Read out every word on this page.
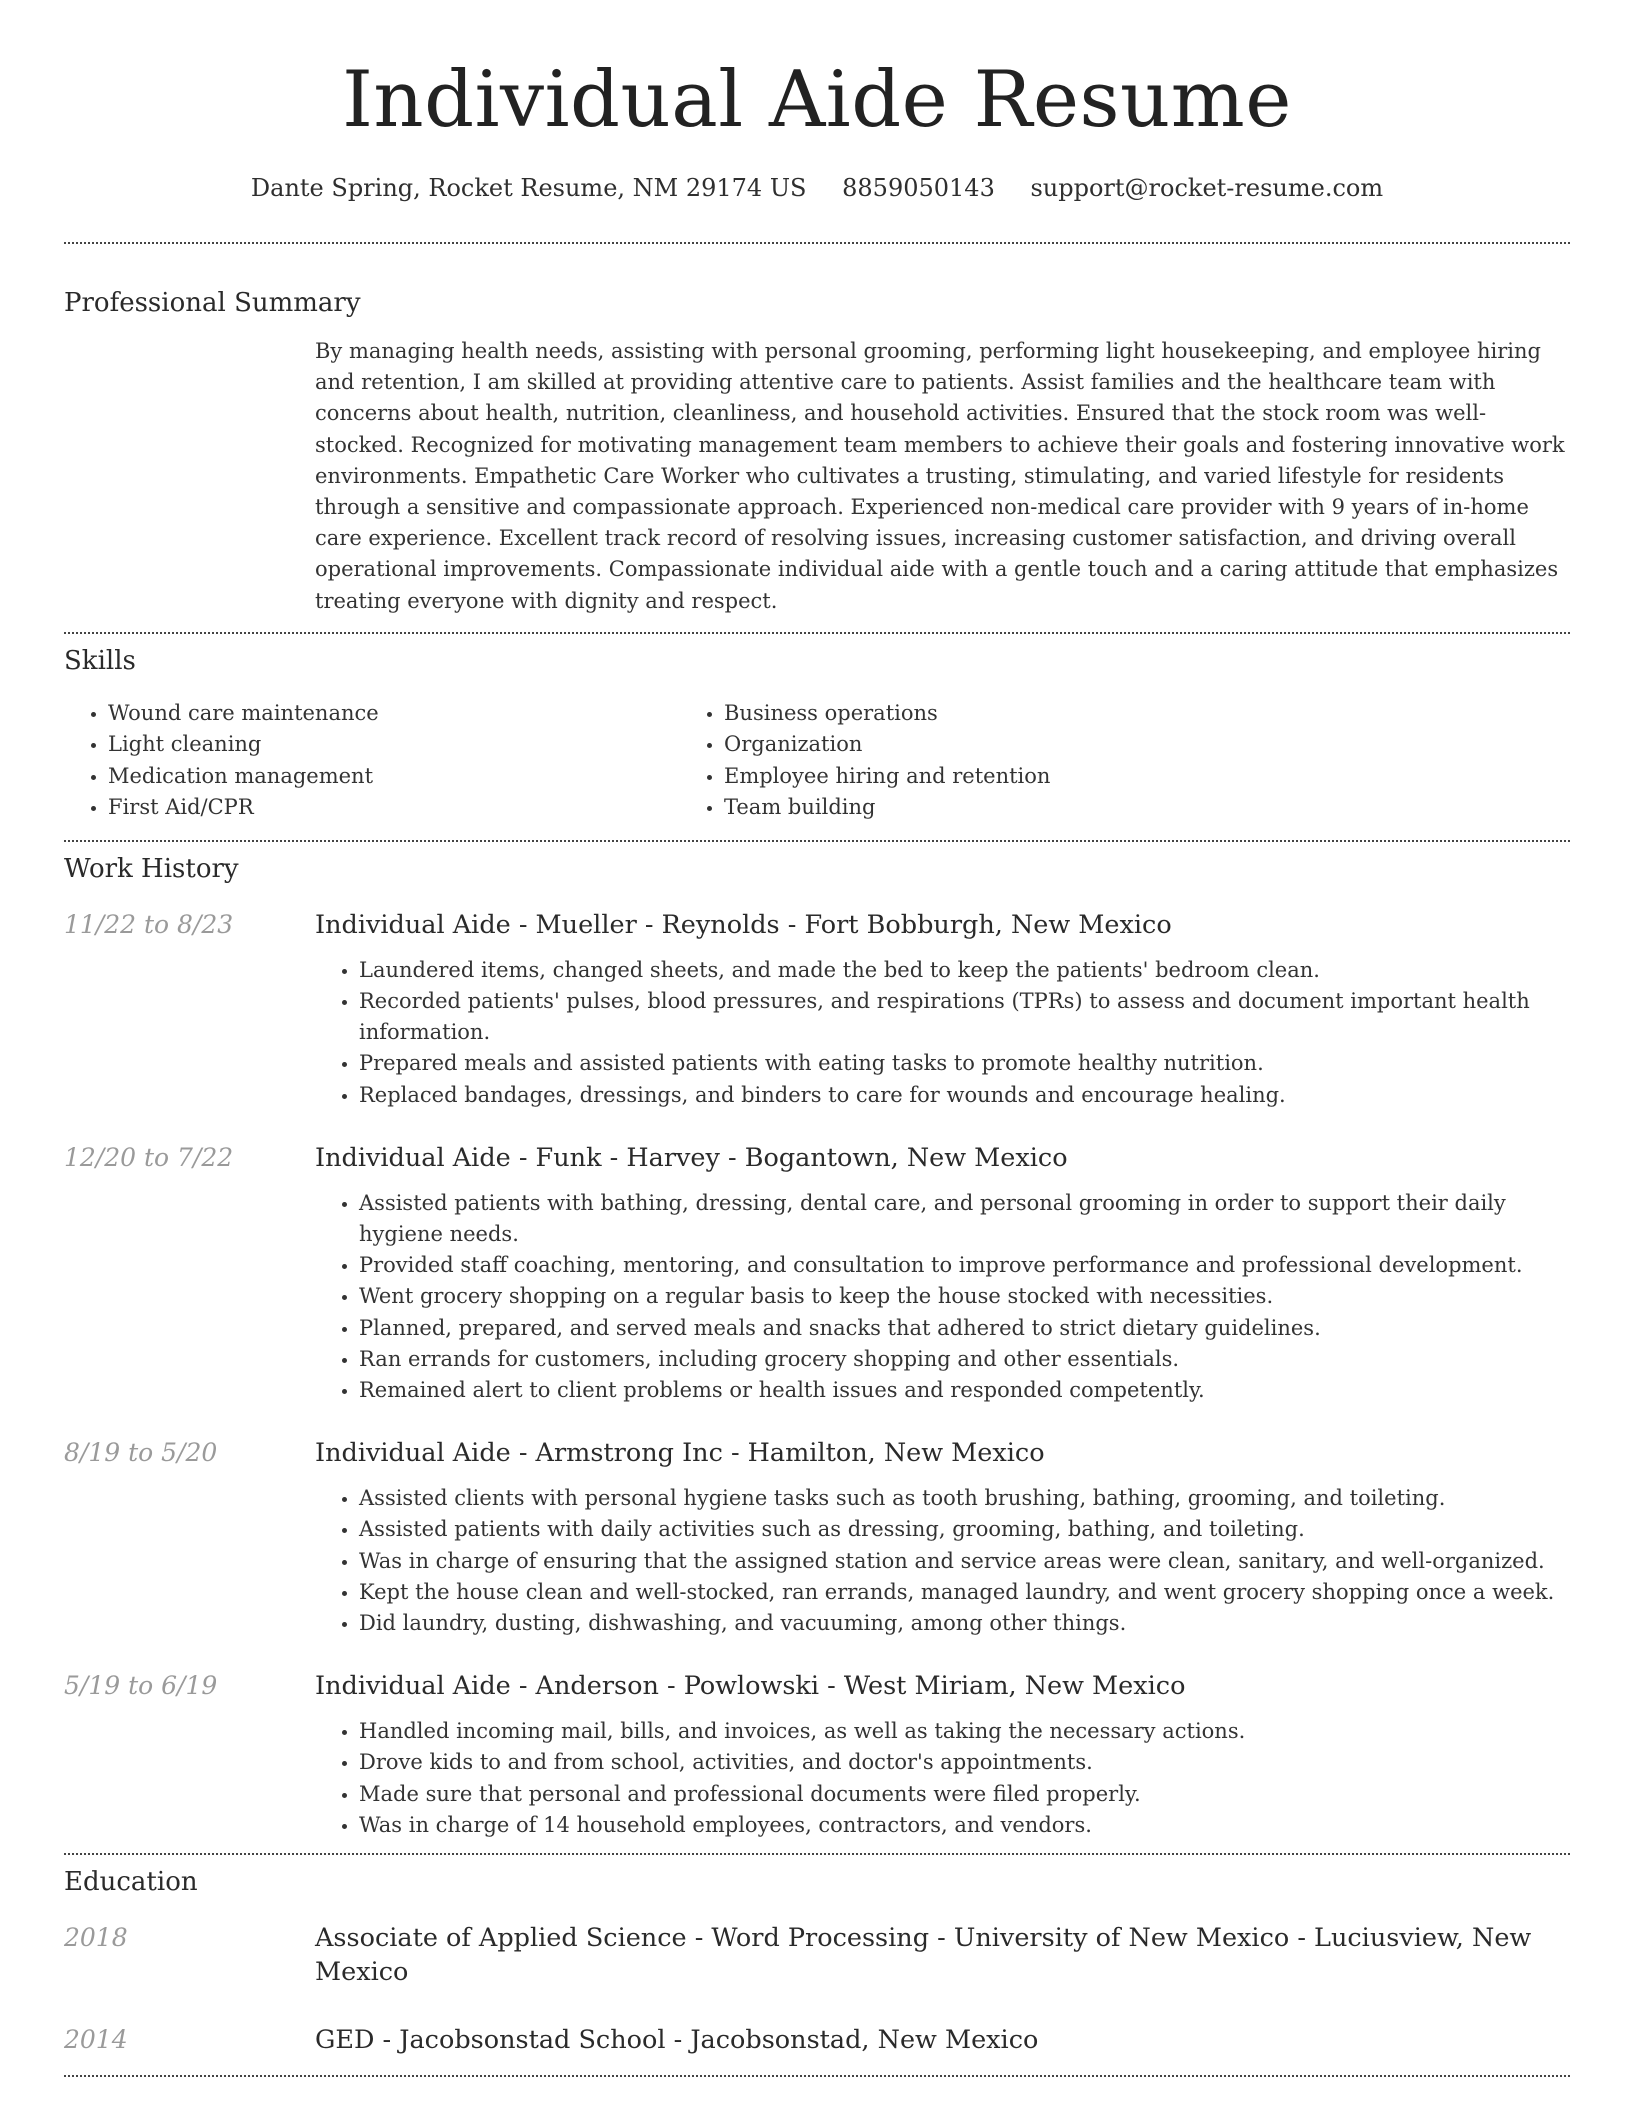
Individual Aide Resume
Dante Spring, Rocket Resume, NM 29174 US 8859050143 support@rocket-resume.com
Professional Summary

By managing health needs, assisting with personal grooming, performing light housekeeping, and employee hiring and retention, I am skilled at providing attentive care to patients. Assist families and the healthcare team with concerns about health, nutrition, cleanliness, and household activities. Ensured that the stock room was well-stocked. Recognized for motivating management team members to achieve their goals and fostering innovative work environments. Empathetic Care Worker who cultivates a trusting, stimulating, and varied lifestyle for residents through a sensitive and compassionate approach. Experienced non-medical care provider with 9 years of in-home care experience. Excellent track record of resolving issues, increasing customer satisfaction, and driving overall operational improvements. Compassionate individual aide with a gentle touch and a caring attitude that emphasizes treating everyone with dignity and respect.

Skills
• Wound care maintenance
• Light cleaning
• Medication management
• First Aid/CPR
• Business operations
• Organization
• Employee hiring and retention
• Team building
Work History
11/22 to 8/23	Individual Aide - Mueller - Reynolds - Fort Bobburgh, New Mexico
• Laundered items, changed sheets, and made the bed to keep the patients' bedroom clean.
• Recorded patients' pulses, blood pressures, and respirations (TPRs) to assess and document important health information.
• Prepared meals and assisted patients with eating tasks to promote healthy nutrition.
• Replaced bandages, dressings, and binders to care for wounds and encourage healing.
12/20 to 7/22	Individual Aide - Funk - Harvey - Bogantown, New Mexico
• Assisted patients with bathing, dressing, dental care, and personal grooming in order to support their daily hygiene needs.
• Provided staff coaching, mentoring, and consultation to improve performance and professional development.
• Went grocery shopping on a regular basis to keep the house stocked with necessities.
• Planned, prepared, and served meals and snacks that adhered to strict dietary guidelines.
• Ran errands for customers, including grocery shopping and other essentials.
• Remained alert to client problems or health issues and responded competently.
8/19 to 5/20	Individual Aide - Armstrong Inc - Hamilton, New Mexico
• Assisted clients with personal hygiene tasks such as tooth brushing, bathing, grooming, and toileting.
• Assisted patients with daily activities such as dressing, grooming, bathing, and toileting.
• Was in charge of ensuring that the assigned station and service areas were clean, sanitary, and well-organized.
• Kept the house clean and well-stocked, ran errands, managed laundry, and went grocery shopping once a week.
• Did laundry, dusting, dishwashing, and vacuuming, among other things.
5/19 to 6/19	Individual Aide - Anderson - Powlowski - West Miriam, New Mexico
• Handled incoming mail, bills, and invoices, as well as taking the necessary actions.
• Drove kids to and from school, activities, and doctor's appointments.
• Made sure that personal and professional documents were filed properly.
• Was in charge of 14 household employees, contractors, and vendors.
Education
2018	Associate of Applied Science - Word Processing - University of New Mexico - Luciusview, New Mexico
2014	GED - Jacobsonstad School - Jacobsonstad, New Mexico
